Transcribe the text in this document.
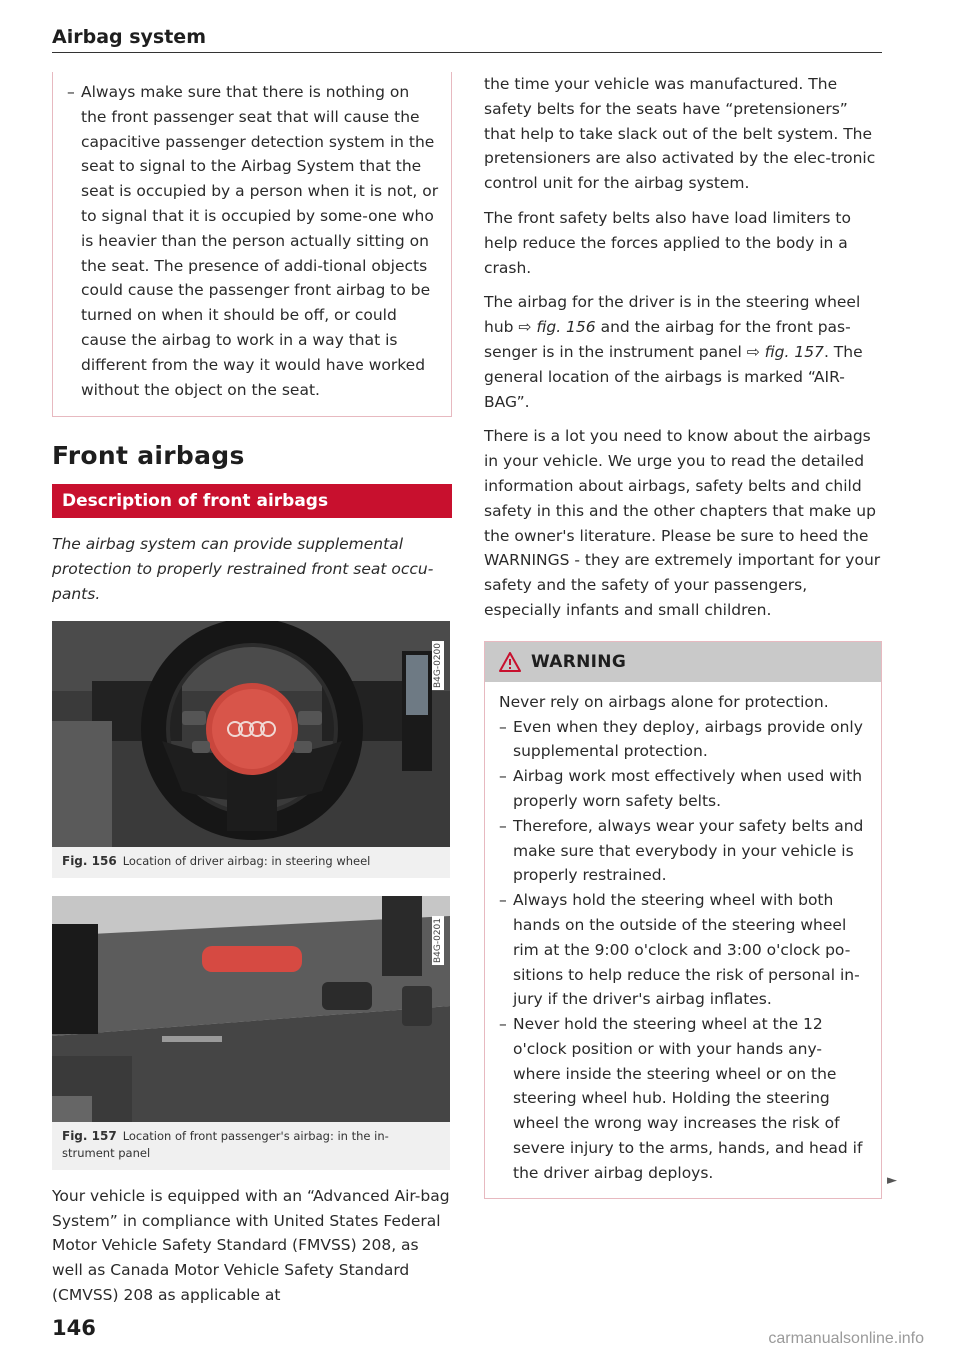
Airbag system
– Always make sure that there is nothing on the front passenger seat that will cause the capacitive passenger detection system in the seat to signal to the Airbag System that the seat is occupied by a person when it is not, or to signal that it is occupied by some-one who is heavier than the person actually sitting on the seat. The presence of addi-tional objects could cause the passenger front airbag to be turned on when it should be off, or could cause the airbag to work in a way that is different from the way it would have worked without the object on the seat.
Front airbags
Description of front airbags
The airbag system can provide supplemental protection to properly restrained front seat occu-pants.
B4G-0200
Fig. 156 Location of driver airbag: in steering wheel
B4G-0201
Fig. 157 Location of front passenger's airbag: in the in-strument panel

Your vehicle is equipped with an “Advanced Air-bag System” in compliance with United States Federal Motor Vehicle Safety Standard (FMVSS) 208, as well as Canada Motor Vehicle Safety Standard (CMVSS) 208 as applicable at

the time your vehicle was manufactured. The safety belts for the seats have “pretensioners” that help to take slack out of the belt system. The pretensioners are also activated by the elec-tronic control unit for the airbag system.

The front safety belts also have load limiters to help reduce the forces applied to the body in a crash.

The airbag for the driver is in the steering wheel hub ⇨ fig. 156 and the airbag for the front pas-senger is in the instrument panel ⇨ fig. 157. The general location of the airbags is marked “AIR-BAG”.

There is a lot you need to know about the airbags in your vehicle. We urge you to read the detailed information about airbags, safety belts and child safety in this and the other chapters that make up the owner's literature. Please be sure to heed the WARNINGS - they are extremely important for your safety and the safety of your passengers, especially infants and small children.

WARNING

Never rely on airbags alone for protection.

– Even when they deploy, airbags provide only supplemental protection.
– Airbag work most effectively when used with properly worn safety belts.
– Therefore, always wear your safety belts and make sure that everybody in your vehicle is properly restrained.
– Always hold the steering wheel with both hands on the outside of the steering wheel rim at the 9:00 o'clock and 3:00 o'clock po-sitions to help reduce the risk of personal in-jury if the driver's airbag inflates.
– Never hold the steering wheel at the 12 o'clock position or with your hands any-where inside the steering wheel or on the steering wheel hub. Holding the steering wheel the wrong way increases the risk of severe injury to the arms, hands, and head if the driver airbag deploys.	►
146	carmanualsonline.info
